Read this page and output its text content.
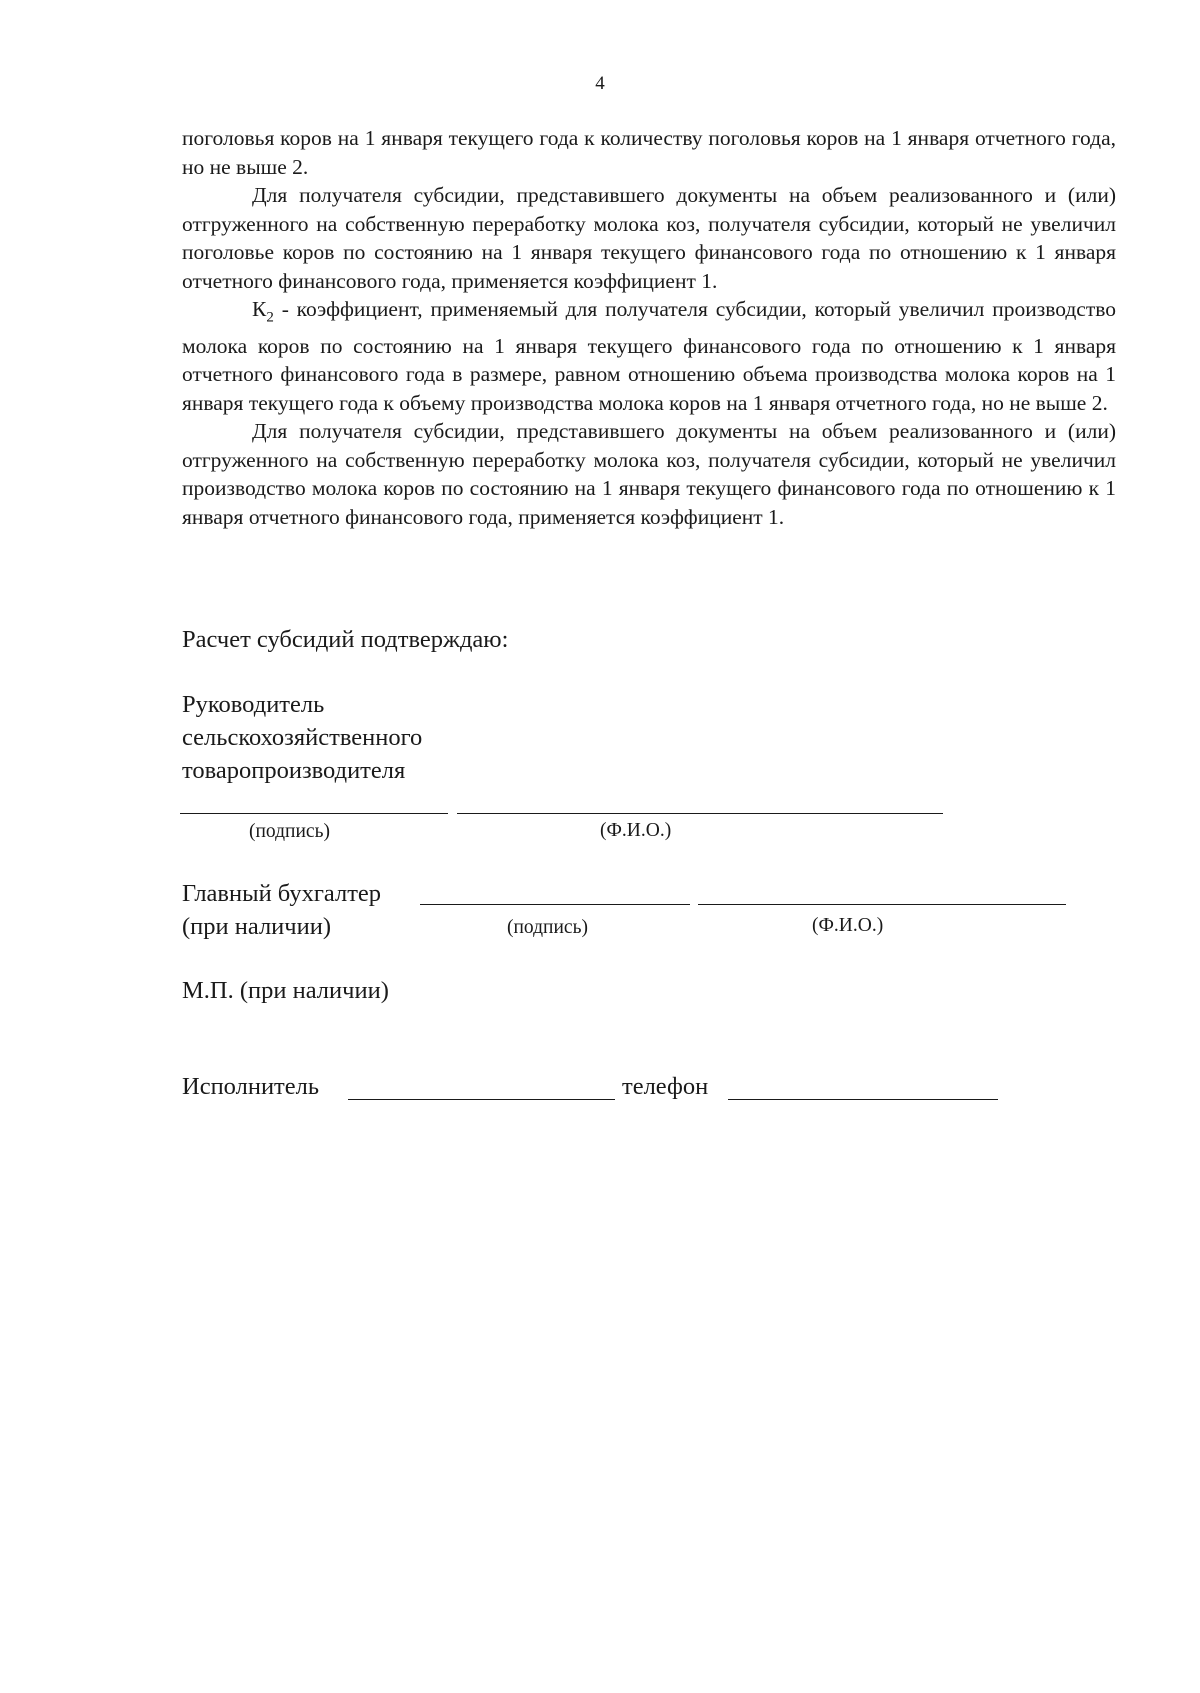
4

поголовья коров на 1 января текущего года к количеству поголовья коров на 1 января отчетного года, но не выше 2.

Для получателя субсидии, представившего документы на объем реализованного и (или) отгруженного на собственную переработку молока коз, получателя субсидии, который не увеличил поголовье коров по состоянию на 1 января текущего финансового года по отношению к 1 января отчетного финансового года, применяется коэффициент 1.

$К_2$ - коэффициент, применяемый для получателя субсидии, который увеличил производство молока коров по состоянию на 1 января текущего финансового года по отношению к 1 января отчетного финансового года в размере, равном отношению объема производства молока коров на 1 января текущего года к объему производства молока коров на 1 января отчетного года, но не выше 2.

Для получателя субсидии, представившего документы на объем реализованного и (или) отгруженного на собственную переработку молока коз, получателя субсидии, который не увеличил производство молока коров по состоянию на 1 января текущего финансового года по отношению к 1 января отчетного финансового года, применяется коэффициент 1.

Расчет субсидий подтверждаю:
Руководитель
сельскохозяйственного
товаропроизводителя
(подпись)	(Ф.И.О.)
Главный бухгалтер
(при наличии)	(подпись)	(Ф.И.О.)
М.П. (при наличии)
Исполнитель	телефон
